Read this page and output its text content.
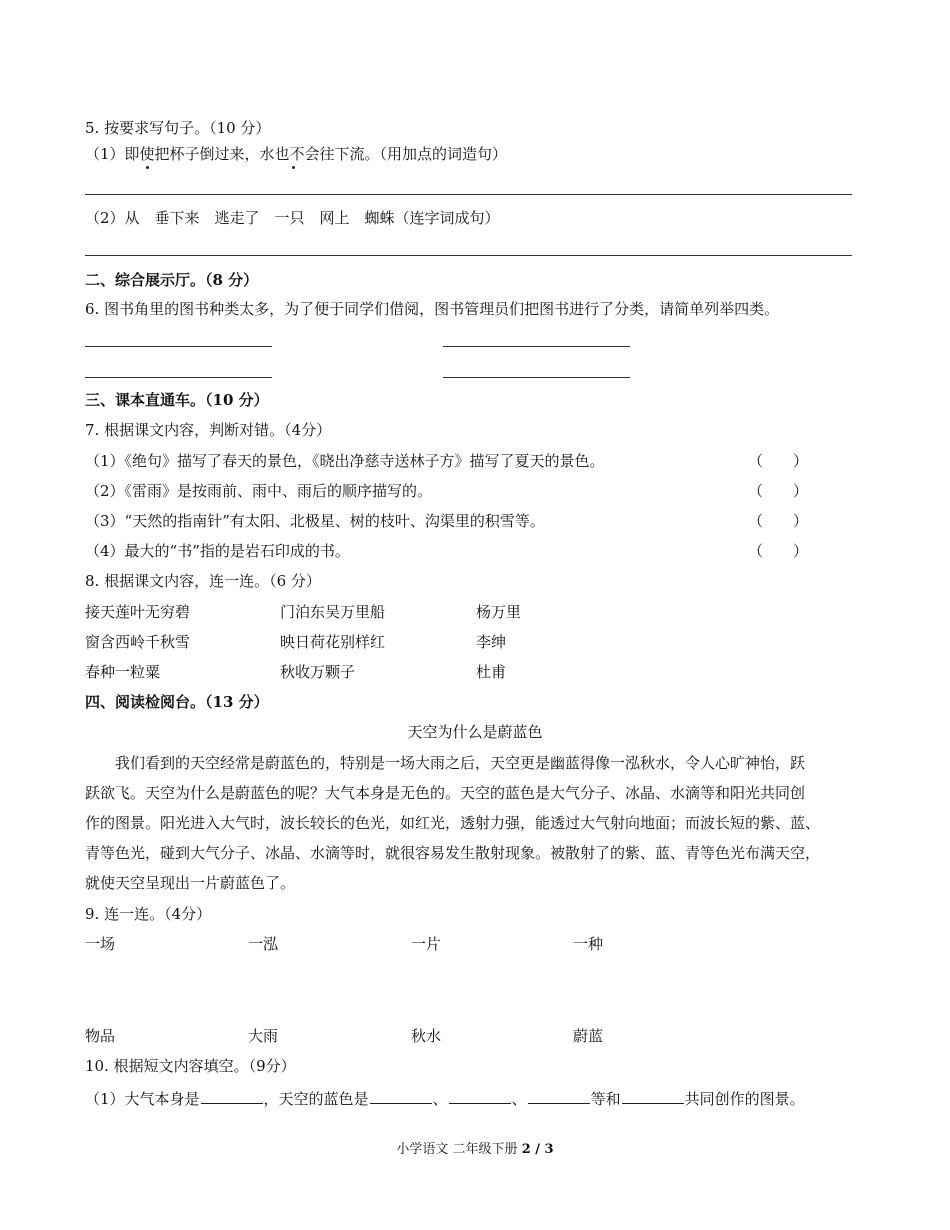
5. 按要求写句子。（10 分）
（1）即使把杯子倒过来，水也不会往下流。（用加点的词造句）
（2）从　垂下来　逃走了　一只　网上　蜘蛛（连字词成句）
二、综合展示厅。（8 分）
6. 图书角里的图书种类太多，为了便于同学们借阅，图书管理员们把图书进行了分类，请简单列举四类。
三、课本直通车。（10 分）
7. 根据课文内容，判断对错。（4分）
（1）《绝句》描写了春天的景色，《晓出净慈寺送林子方》描写了夏天的景色。	（　　）
（2）《雷雨》是按雨前、雨中、雨后的顺序描写的。	（　　）
（3）“天然的指南针”有太阳、北极星、树的枝叶、沟渠里的积雪等。	（　　）
（4）最大的“书”指的是岩石印成的书。	（　　）
8. 根据课文内容，连一连。（6 分）
接天莲叶无穷碧	门泊东吴万里船	杨万里
窗含西岭千秋雪	映日荷花别样红	李绅
春种一粒粟	秋收万颗子	杜甫
四、阅读检阅台。（13 分）
天空为什么是蔚蓝色
　　我们看到的天空经常是蔚蓝色的，特别是一场大雨之后，天空更是幽蓝得像一泓秋水，令人心旷神怡，跃
跃欲飞。天空为什么是蔚蓝色的呢？大气本身是无色的。天空的蓝色是大气分子、冰晶、水滴等和阳光共同创
作的图景。阳光进入大气时，波长较长的色光，如红光，透射力强，能透过大气射向地面；而波长短的紫、蓝、
青等色光，碰到大气分子、冰晶、水滴等时，就很容易发生散射现象。被散射了的紫、蓝、青等色光布满天空，
就使天空呈现出一片蔚蓝色了。
9. 连一连。（4分）
一场	一泓	一片	一种
物品	大雨	秋水	蔚蓝
10. 根据短文内容填空。（9分）
（1）大气本身是	，天空的蓝色是	、	、	等和	共同创作的图景。
小学语文 二年级下册 2 / 3
